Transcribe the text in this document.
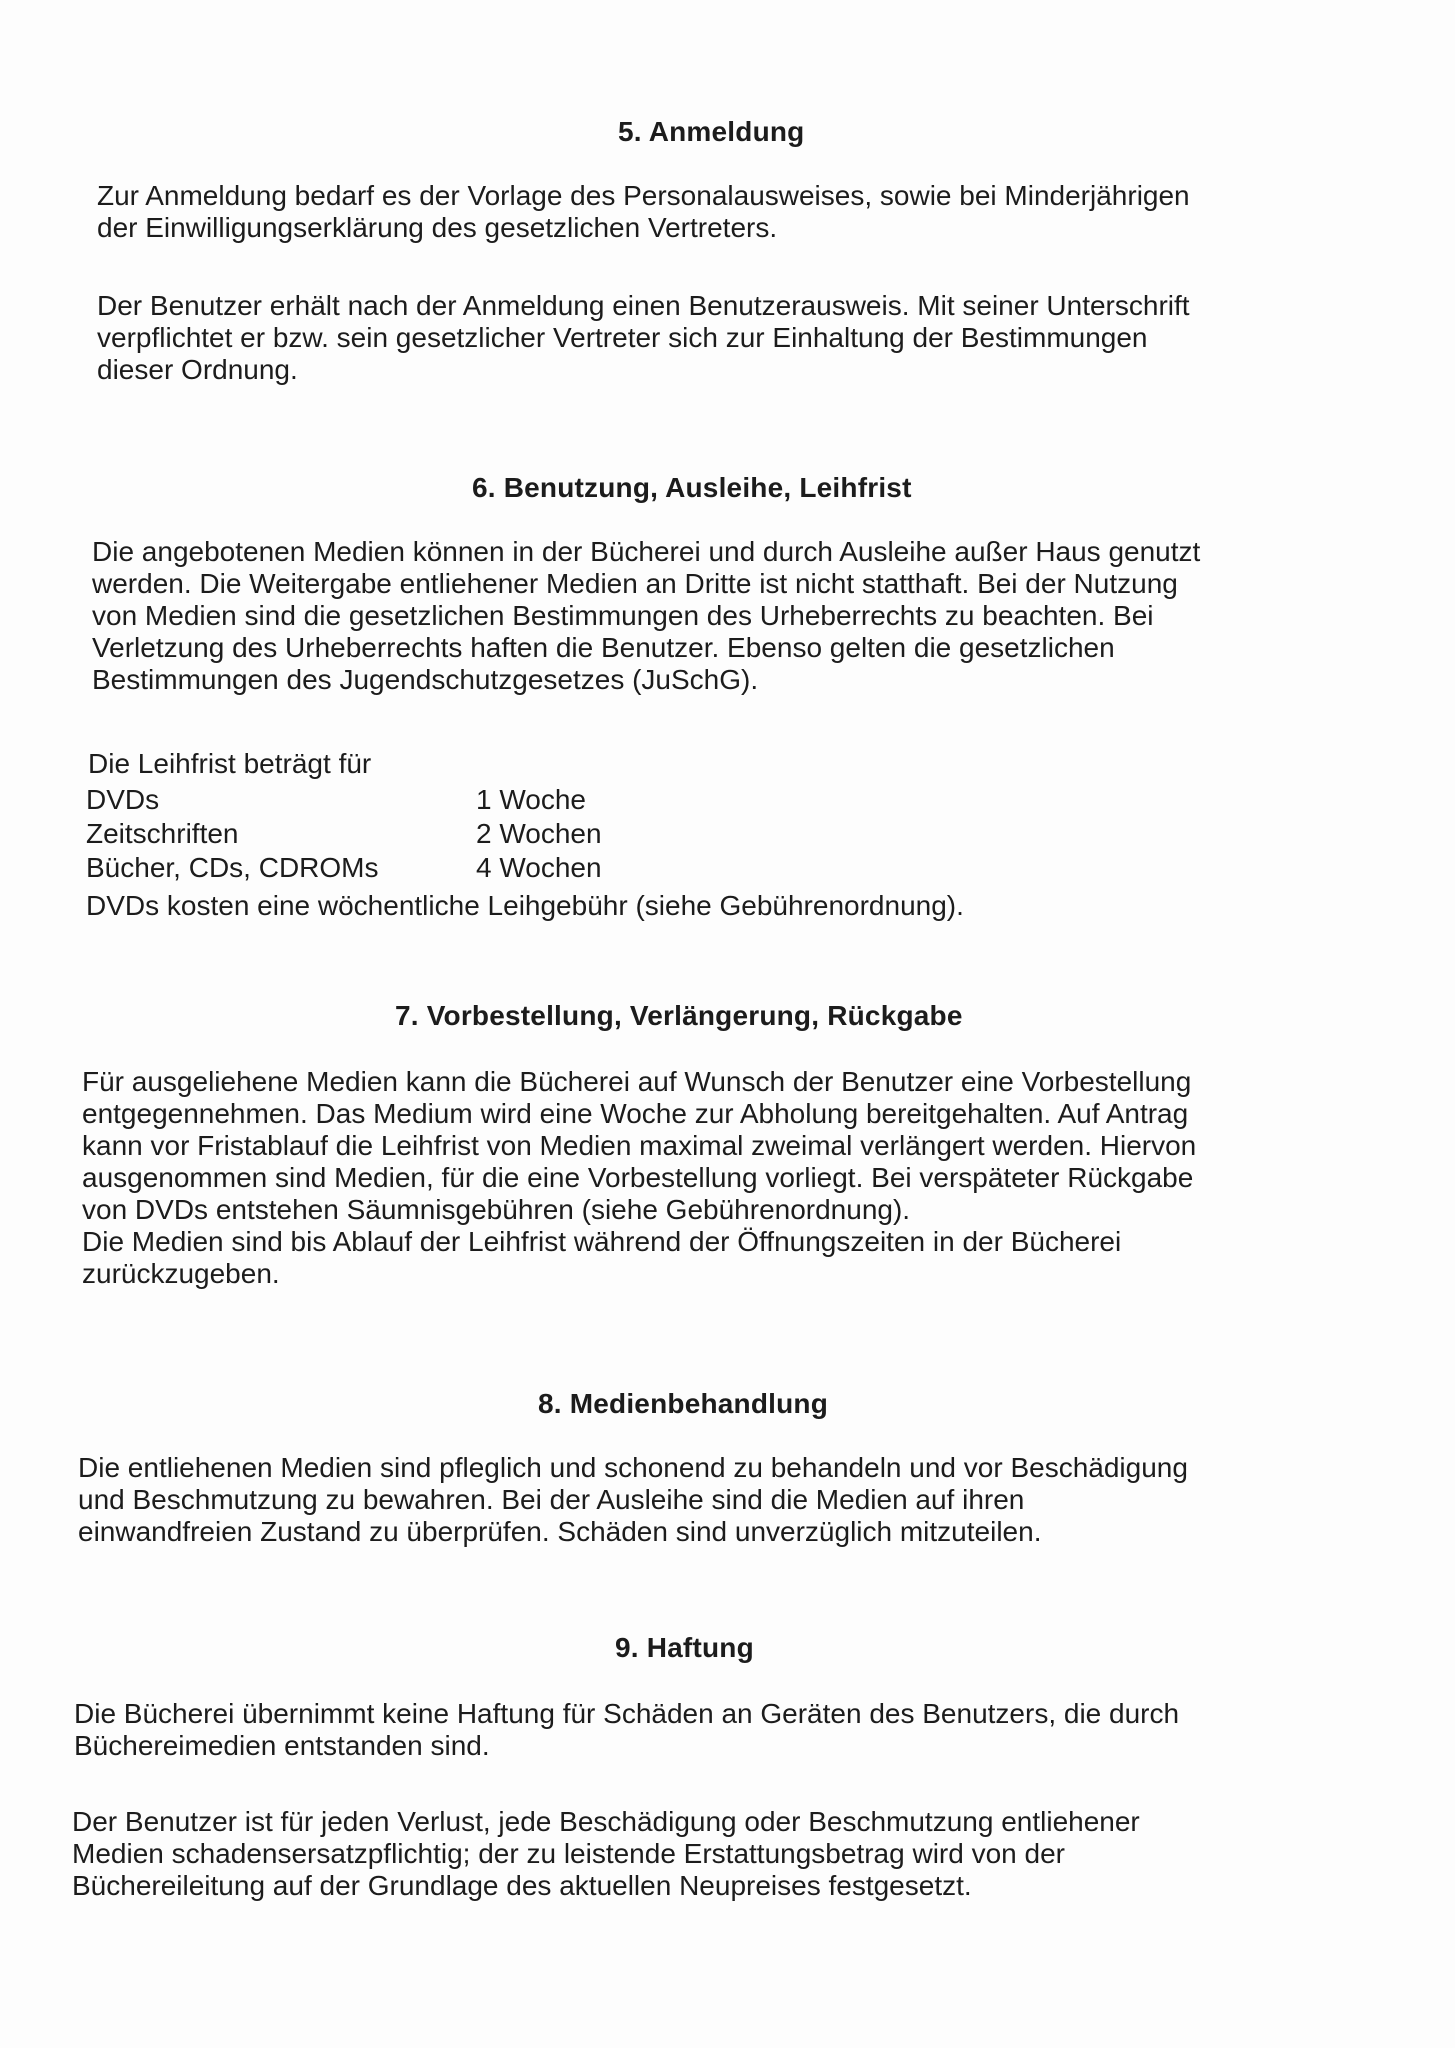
5. Anmeldung
Zur Anmeldung bedarf es der Vorlage des Personalausweises, sowie bei Minderjährigen
der Einwilligungserklärung des gesetzlichen Vertreters.
Der Benutzer erhält nach der Anmeldung einen Benutzerausweis. Mit seiner Unterschrift
verpflichtet er bzw. sein gesetzlicher Vertreter sich zur Einhaltung der Bestimmungen
dieser Ordnung.
6. Benutzung, Ausleihe, Leihfrist
Die angebotenen Medien können in der Bücherei und durch Ausleihe außer Haus genutzt
werden. Die Weitergabe entliehener Medien an Dritte ist nicht statthaft. Bei der Nutzung
von Medien sind die gesetzlichen Bestimmungen des Urheberrechts zu beachten. Bei
Verletzung des Urheberrechts haften die Benutzer. Ebenso gelten die gesetzlichen
Bestimmungen des Jugendschutzgesetzes (JuSchG).
Die Leihfrist beträgt für
DVDs	1 Woche
Zeitschriften	2 Wochen
Bücher, CDs, CDROMs	4 Wochen
DVDs kosten eine wöchentliche Leihgebühr (siehe Gebührenordnung).
7. Vorbestellung, Verlängerung, Rückgabe
Für ausgeliehene Medien kann die Bücherei auf Wunsch der Benutzer eine Vorbestellung
entgegennehmen. Das Medium wird eine Woche zur Abholung bereitgehalten. Auf Antrag
kann vor Fristablauf die Leihfrist von Medien maximal zweimal verlängert werden. Hiervon
ausgenommen sind Medien, für die eine Vorbestellung vorliegt. Bei verspäteter Rückgabe
von DVDs entstehen Säumnisgebühren (siehe Gebührenordnung).
Die Medien sind bis Ablauf der Leihfrist während der Öffnungszeiten in der Bücherei
zurückzugeben.
8. Medienbehandlung
Die entliehenen Medien sind pfleglich und schonend zu behandeln und vor Beschädigung
und Beschmutzung zu bewahren. Bei der Ausleihe sind die Medien auf ihren
einwandfreien Zustand zu überprüfen. Schäden sind unverzüglich mitzuteilen.
9. Haftung
Die Bücherei übernimmt keine Haftung für Schäden an Geräten des Benutzers, die durch
Büchereimedien entstanden sind.
Der Benutzer ist für jeden Verlust, jede Beschädigung oder Beschmutzung entliehener
Medien schadensersatzpflichtig; der zu leistende Erstattungsbetrag wird von der
Büchereileitung auf der Grundlage des aktuellen Neupreises festgesetzt.
